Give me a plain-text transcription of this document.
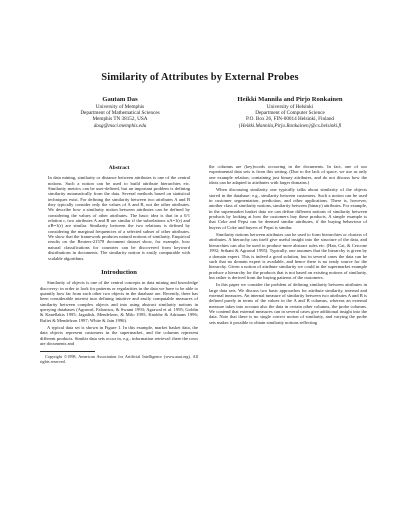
Similarity of Attributes by External Probes
Gautam Das
University of Memphis
Department of Mathematical Sciences
Memphis TN 38152, USA
dasg@msci.memphis.edu
Heikki Mannila and Pirjo Ronkainen
University of Helsinki
Department of Computer Science
P.O. Box 26, FIN-00014 Helsinki, Finland
{Heikki.Mannila,Pirjo.Ronkainen}@cs.helsinki.fi
Abstract

In data mining, similarity or distance between attributes is one of the central notions. Such a notion can be used to build attribute hierarchies etc. Similarity metrics can be user-defined, but an important problem is defining similarity automatically from the data. Several methods based on statistical techniques exist. For defining the similarity between two attributes A and B they typically consider only the values of A and B, not the other attributes. We describe how a similarity notion between attributes can be defined by considering the values of other attributes. The basic idea is that in a 0/1 relation r, two attributes A and B are similar if the subrelations σA=1(r) and σB=1(r) are similar. Similarity between the two relations is defined by considering the marginal frequencies of a selected subset of other attributes. We show that the framework produces natural notions of similarity. Empirical results on the Reuters-21578 document dataset show, for example, how natural classifications for countries can be discovered from keyword distributions in documents. The similarity notion is easily computable with scalable algorithms.

Introduction

Similarity of objects is one of the central concepts in data mining and knowledge discovery: in order to look for patterns or regularities in the data we have to be able to quantify how far from each other two objects in the database are. Recently, there has been considerable interest into defining intuitive and easily computable measures of similarity between complex objects and into using abstract similarity notions in querying databases (Agrawal, Faloutsos, & Swami 1993; Agrawal et al. 1995; Goldin & Kanellakis 1995; Jagadish, Mendelzon, & Milo 1995; Knobbe & Adriaans 1996; Rafiei & Mendelzon 1997; White & Jain 1996).

A typical data set is shown in Figure 1. In this example, market basket data, the data objects represent customers in the supermarket, and the columns represent different products. Similar data sets occur in, e.g., information retrieval: there the rows are documents and

Copyright ©1998, American Association for Artificial Intelligence (www.aaai.org). All rights reserved.

the columns are (key)words occurring in the documents. In fact, one of our experimental data sets is from this setting. (Due to the lack of space, we use as only one example relation, containing just binary attributes, and do not discuss how the ideas can be adapted to attributes with larger domains.)

When discussing similarity one typically talks about similarity of the objects stored in the database: e.g., similarity between customers. Such a notion can be used in customer segmentation, prediction, and other applications. There is, however, another class of similarity notions, similarity between (binary) attributes. For example, in the supermarket basket data we can define different notions of similarity between products by looking at how the customers buy these products. A simple example is that Coke and Pepsi can be deemed similar attributes, if the buying behaviour of buyers of Coke and buyers of Pepsi is similar.

Similarity notions between attributes can be used to form hierarchies or clusters of attributes. A hierarchy can itself give useful insight into the structure of the data, and hierarchies can also be used to produce more abstract rules etc. (Han, Cai, & Cercone 1992; Srikant & Agrawal 1995). Typically, one assumes that the hierarchy is given by a domain expert. This is indeed a good solution, but in several cases the data can be such that no domain expert is available, and hence there is no ready source for the hierarchy. Given a notion of attribute similarity we could in the supermarket example produce a hierarchy for the products that is not based on existing notions of similarity, but rather is derived from the buying patterns of the customers.

In this paper we consider the problem of defining similarity between attributes in large data sets. We discuss two basic approaches for attribute similarity, internal and external measures. An internal measure of similarity between two attributes A and B is defined purely in terms of the values in the A and B columns, whereas an external measure takes into account also the data in certain other columns, the probe columns. We contend that external measures can in several cases give additional insight into the data. Note that there is no single correct notion of similarity, and varying the probe sets makes it possible to obtain similarity notions reflecting
